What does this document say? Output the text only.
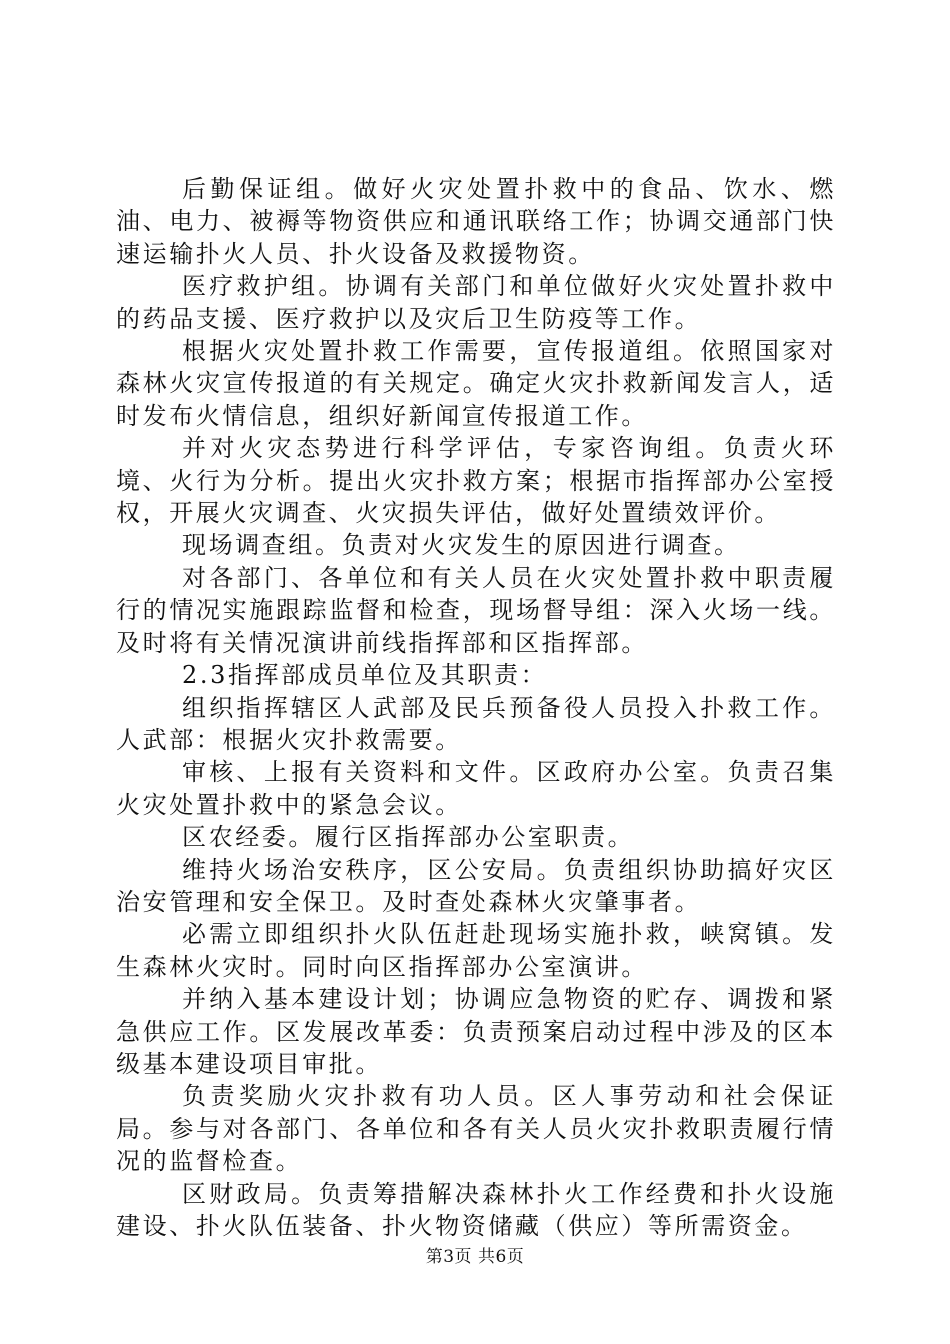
后勤保证组。做好火灾处置扑救中的食品、饮水、燃油、电力、被褥等物资供应和通讯联络工作；协调交通部门快速运输扑火人员、扑火设备及救援物资。

医疗救护组。协调有关部门和单位做好火灾处置扑救中的药品支援、医疗救护以及灾后卫生防疫等工作。

根据火灾处置扑救工作需要，宣传报道组。依照国家对森林火灾宣传报道的有关规定。确定火灾扑救新闻发言人，适时发布火情信息，组织好新闻宣传报道工作。

并对火灾态势进行科学评估，专家咨询组。负责火环境、火行为分析。提出火灾扑救方案；根据市指挥部办公室授权，开展火灾调查、火灾损失评估，做好处置绩效评价。

现场调查组。负责对火灾发生的原因进行调查。

对各部门、各单位和有关人员在火灾处置扑救中职责履行的情况实施跟踪监督和检查，现场督导组：深入火场一线。及时将有关情况演讲前线指挥部和区指挥部。

2.3指挥部成员单位及其职责：

组织指挥辖区人武部及民兵预备役人员投入扑救工作。人武部：根据火灾扑救需要。

审核、上报有关资料和文件。区政府办公室。负责召集火灾处置扑救中的紧急会议。

区农经委。履行区指挥部办公室职责。

维持火场治安秩序，区公安局。负责组织协助搞好灾区治安管理和安全保卫。及时查处森林火灾肇事者。

必需立即组织扑火队伍赶赴现场实施扑救，峡窝镇。发生森林火灾时。同时向区指挥部办公室演讲。

并纳入基本建设计划；协调应急物资的贮存、调拨和紧急供应工作。区发展改革委：负责预案启动过程中涉及的区本级基本建设项目审批。

负责奖励火灾扑救有功人员。区人事劳动和社会保证局。参与对各部门、各单位和各有关人员火灾扑救职责履行情况的监督检查。

区财政局。负责筹措解决森林扑火工作经费和扑火设施建设、扑火队伍装备、扑火物资储藏（供应）等所需资金。

第3页 共6页
